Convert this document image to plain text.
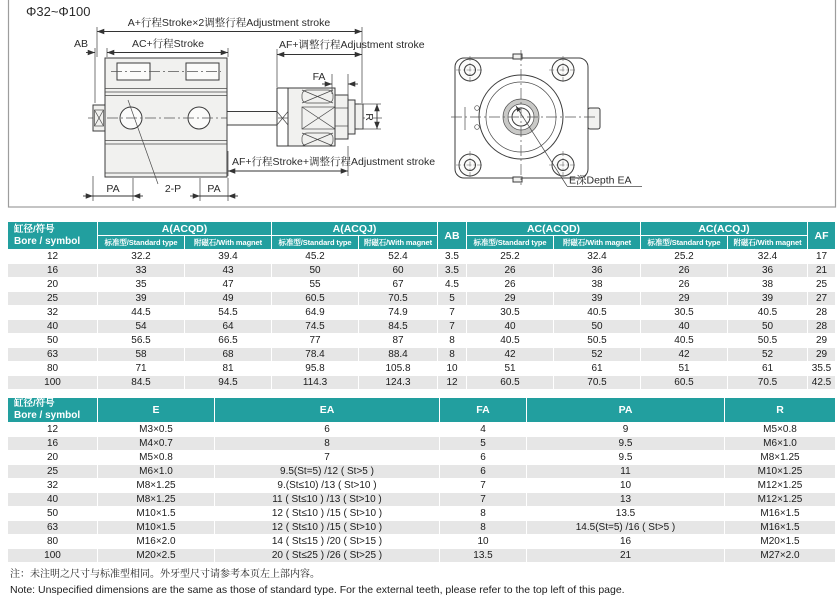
Φ32~Φ100
A+行程Stroke×2调整行程Adjustment stroke
AB	AC+行程Stroke	AF+调整行程Adjustment stroke
FA
R
AF+行程Stroke+调整行程Adjustment stroke
PA	2-P PA
E深Depth EA
缸径/符号
Bore / symbol
A(ACQD)	A(ACQJ)
AB
AC(ACQD)	AC(ACQJ)
AF
标准型/Standard type	附磁石/With magnet	标准型/Standard type	附磁石/With magnet	标准型/Standard type	附磁石/With magnet	标准型/Standard type	附磁石/With magnet
12	32.2	39.4	45.2	52.4	3.5	25.2	32.4	25.2	32.4	17
16	33	43	50	60	3.5	26	36	26	36	21
20	35	47	55	67	4.5	26	38	26	38	25
25	39	49	60.5	70.5	5	29	39	29	39	27
32	44.5	54.5	64.9	74.9	7	30.5	40.5	30.5	40.5	28
40	54	64	74.5	84.5	7	40	50	40	50	28
50	56.5	66.5	77	87	8	40.5	50.5	40.5	50.5	29
63	58	68	78.4	88.4	8	42	52	42	52	29
80	71	81	95.8	105.8	10	51	61	51	61	35.5
100	84.5	94.5	114.3	124.3	12	60.5	70.5	60.5	70.5	42.5
缸径/符号
Bore / symbol	E	EA	FA	PA	R
12	M3×0.5	6	4	9	M5×0.8
16	M4×0.7	8	5	9.5	M6×1.0
20	M5×0.8	7	6	9.5	M8×1.25
25	M6×1.0	9.5(St=5) /12 ( St>5 )	6	11	M10×1.25
32	M8×1.25	9.(St≤10) /13 ( St>10 )	7	10	M12×1.25
40	M8×1.25	11 ( St≤10 ) /13 ( St>10 )	7	13	M12×1.25
50	M10×1.5	12 ( St≤10 ) /15 ( St>10 )	8	13.5	M16×1.5
63	M10×1.5	12 ( St≤10 ) /15 ( St>10 )	8	14.5(St=5) /16 ( St>5 )	M16×1.5
80	M16×2.0	14 ( St≤15 ) /20 ( St>15 )	10	16	M20×1.5
100	M20×2.5	20 ( St≤25 ) /26 ( St>25 )	13.5	21	M27×2.0
注：未注明之尺寸与标准型相同。外牙型尺寸请参考本页左上部内容。
Note: Unspecified dimensions are the same as those of standard type. For the external teeth, please refer to the top left of this page.
